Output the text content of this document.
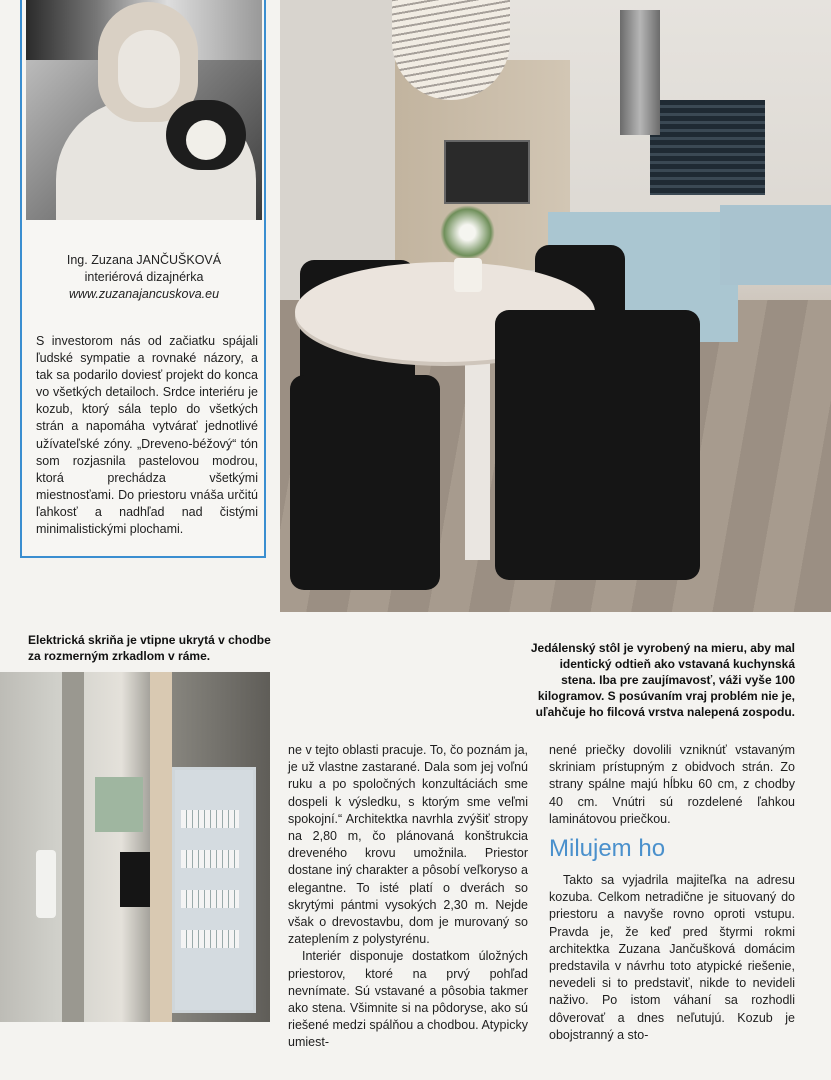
Ing. Zuzana JANČUŠKOVÁ
interiérová dizajnérka
www.zuzanajancuskova.eu
S investorom nás od začiatku spájali ľudské sympatie a rovnaké názory, a tak sa podarilo doviesť projekt do konca vo všetkých detailoch. Srdce interiéru je kozub, ktorý sála teplo do všetkých strán a napomáha vytvárať jednotlivé užívateľské zóny. „Dreveno-béžový“ tón som rozjasnila pastelovou modrou, ktorá prechádza všetkými miestnosťami. Do priestoru vnáša určitú ľahkosť a nadhľad nad čistými minimalistickými plochami.
Elektrická skriňa je vtipne ukrytá v chodbe za rozmerným zrkadlom v ráme.
Jedálenský stôl je vyrobený na mieru, aby mal identický odtieň ako vstavaná kuchynská stena. Iba pre zaujímavosť, váži vyše 100 kilogramov. S posúvaním vraj problém nie je, uľahčuje ho filcová vrstva nalepená zospodu.

ne v tejto oblasti pracuje. To, čo poznám ja, je už vlastne zastarané. Dala som jej voľnú ruku a po spoločných konzultáciách sme dospeli k výsledku, s ktorým sme veľmi spokojní.“ Architektka navrhla zvýšiť stropy na 2,80 m, čo plánovaná konštrukcia dreveného krovu umožnila. Priestor dostane iný charakter a pôsobí veľkoryso a elegantne. To isté platí o dverách so skrytými pántmi vysokých 2,30 m. Nejde však o drevostavbu, dom je murovaný so zateplením z polystyrénu.

Interiér disponuje dostatkom úložných priestorov, ktoré na prvý pohľad nevnímate. Sú vstavané a pôsobia takmer ako stena. Všimnite si na pôdoryse, ako sú riešené medzi spálňou a chodbou. Atypicky umiest-

nené priečky dovolili vzniknúť vstavaným skriniam prístupným z obidvoch strán. Zo strany spálne majú hĺbku 60 cm, z chodby 40 cm. Vnútri sú rozdelené ľahkou laminátovou priečkou.

Milujem ho

Takto sa vyjadrila majiteľka na adresu kozuba. Celkom netradične je situovaný do priestoru a navyše rovno oproti vstupu. Pravda je, že keď pred štyrmi rokmi architektka Zuzana Jančušková domácim predstavila v návrhu toto atypické riešenie, nevedeli si to predstaviť, nikde to nevideli naživo. Po istom váhaní sa rozhodli dôverovať a dnes neľutujú. Kozub je obojstranný a sto-
